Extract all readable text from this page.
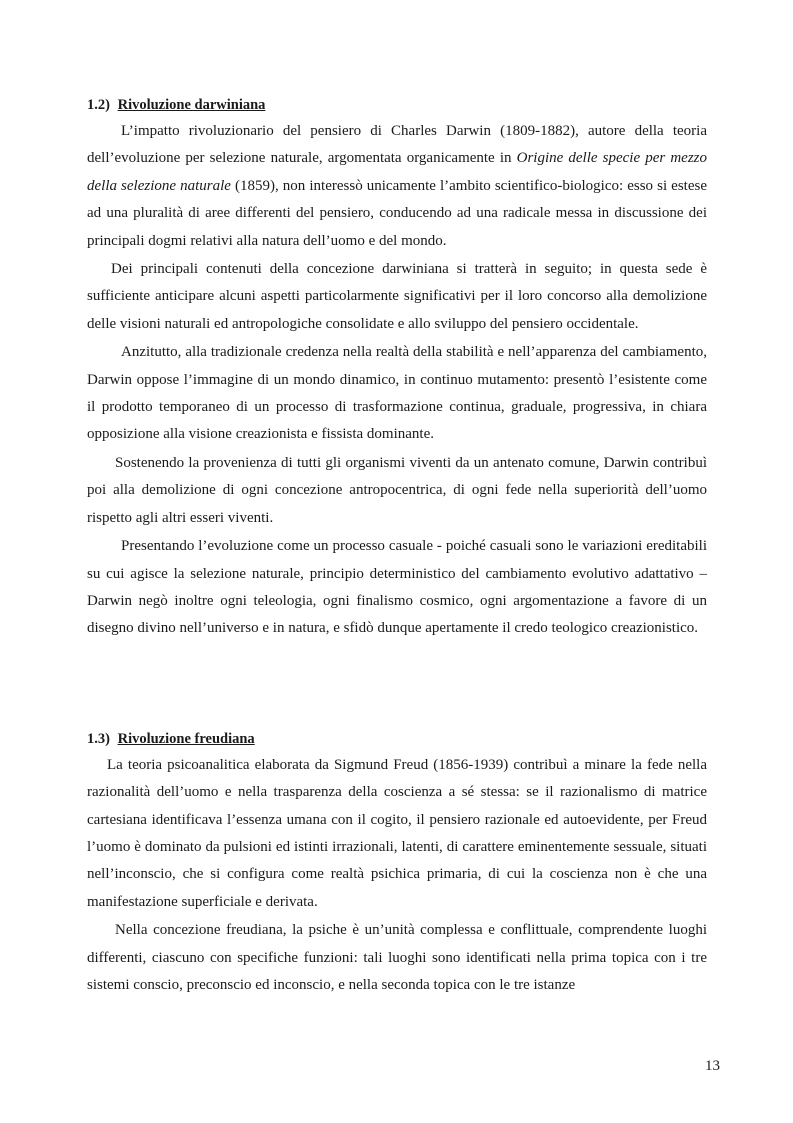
1.2) Rivoluzione darwiniana

L’impatto rivoluzionario del pensiero di Charles Darwin (1809-1882), autore della teoria dell’evoluzione per selezione naturale, argomentata organicamente in Origine delle specie per mezzo della selezione naturale (1859), non interessò unicamente l’ambito scientifico-biologico: esso si estese ad una pluralità di aree differenti del pensiero, conducendo ad una radicale messa in discussione dei principali dogmi relativi alla natura dell’uomo e del mondo.

Dei principali contenuti della concezione darwiniana si tratterà in seguito; in questa sede è sufficiente anticipare alcuni aspetti particolarmente significativi per il loro concorso alla demolizione delle visioni naturali ed antropologiche consolidate e allo sviluppo del pensiero occidentale.

Anzitutto, alla tradizionale credenza nella realtà della stabilità e nell’apparenza del cambiamento, Darwin oppose l’immagine di un mondo dinamico, in continuo mutamento: presentò l’esistente come il prodotto temporaneo di un processo di trasformazione continua, graduale, progressiva, in chiara opposizione alla visione creazionista e fissista dominante.

Sostenendo la provenienza di tutti gli organismi viventi da un antenato comune, Darwin contribuì poi alla demolizione di ogni concezione antropocentrica, di ogni fede nella superiorità dell’uomo rispetto agli altri esseri viventi.

Presentando l’evoluzione come un processo casuale - poiché casuali sono le variazioni ereditabili su cui agisce la selezione naturale, principio deterministico del cambiamento evolutivo adattativo – Darwin negò inoltre ogni teleologia, ogni finalismo cosmico, ogni argomentazione a favore di un disegno divino nell’universo e in natura, e sfidò dunque apertamente il credo teologico creazionistico.

1.3) Rivoluzione freudiana

La teoria psicoanalitica elaborata da Sigmund Freud (1856-1939) contribuì a minare la fede nella razionalità dell’uomo e nella trasparenza della coscienza a sé stessa: se il razionalismo di matrice cartesiana identificava l’essenza umana con il cogito, il pensiero razionale ed autoevidente, per Freud l’uomo è dominato da pulsioni ed istinti irrazionali, latenti, di carattere eminentemente sessuale, situati nell’inconscio, che si configura come realtà psichica primaria, di cui la coscienza non è che una manifestazione superficiale e derivata.

Nella concezione freudiana, la psiche è un’unità complessa e conflittuale, comprendente luoghi differenti, ciascuno con specifiche funzioni: tali luoghi sono identificati nella prima topica con i tre sistemi conscio, preconscio ed inconscio, e nella seconda topica con le tre istanze

13
